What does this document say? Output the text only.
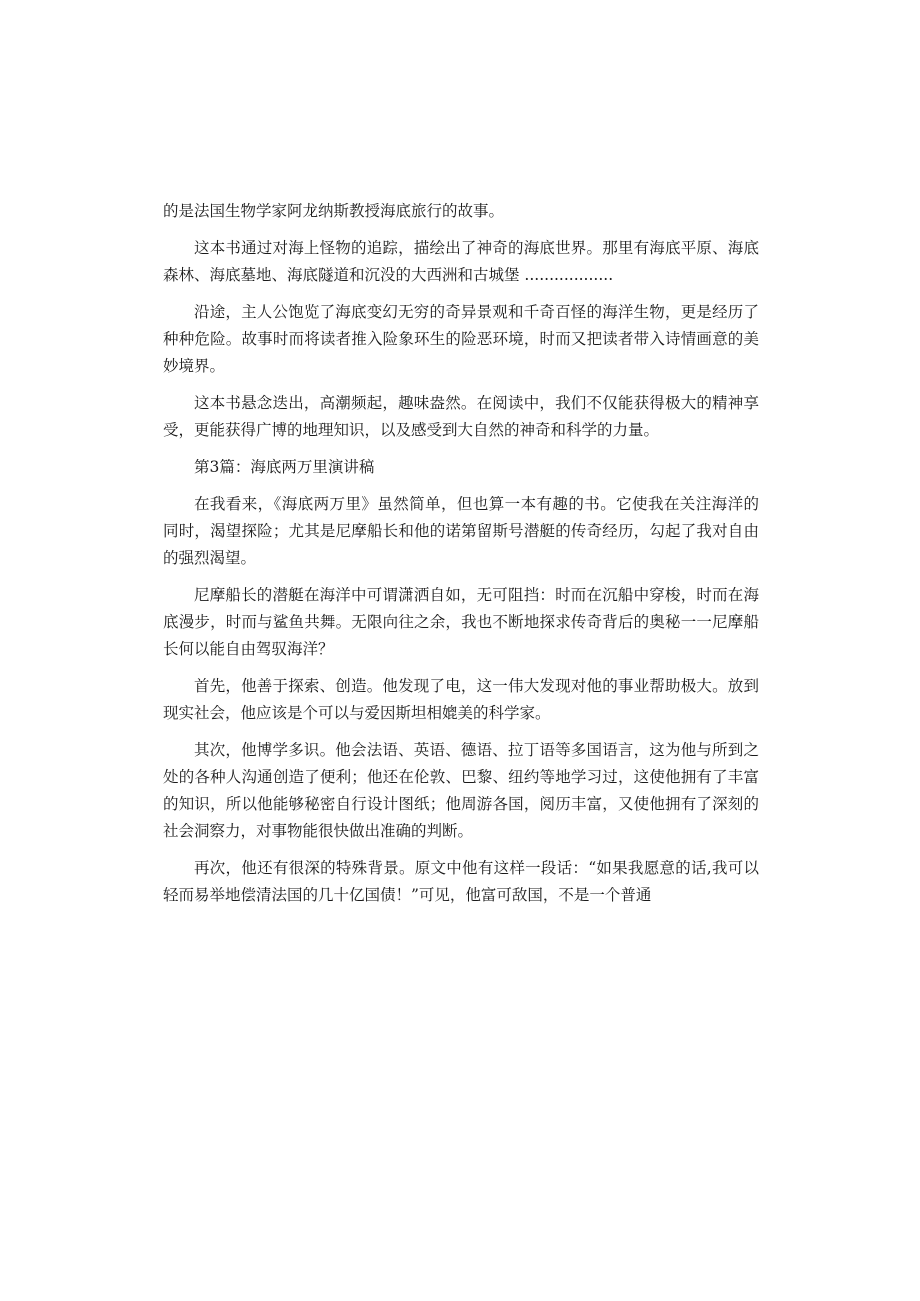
的是法国生物学家阿龙纳斯教授海底旅行的故事。
这本书通过对海上怪物的追踪，描绘出了神奇的海底世界。那里有海底平原、海底
森林、海底墓地、海底隧道和沉没的大西洲和古城堡 ..................
沿途，主人公饱览了海底变幻无穷的奇异景观和千奇百怪的海洋生物，更是经历了
种种危险。故事时而将读者推入险象环生的险恶环境，时而又把读者带入诗情画意的美
妙境界。
这本书悬念迭出，高潮频起，趣味盎然。在阅读中，我们不仅能获得极大的精神享
受，更能获得广博的地理知识，以及感受到大自然的神奇和科学的力量。
第3篇：海底两万里演讲稿
在我看来，《海底两万里》虽然简单，但也算一本有趣的书。它使我在关注海洋的
同时，渴望探险；尤其是尼摩船长和他的诺第留斯号潜艇的传奇经历，勾起了我对自由
的强烈渴望。
尼摩船长的潜艇在海洋中可谓潇洒自如，无可阻挡：时而在沉船中穿梭，时而在海
底漫步，时而与鲨鱼共舞。无限向往之余，我也不断地探求传奇背后的奥秘一一尼摩船
长何以能自由驾驭海洋？
首先，他善于探索、创造。他发现了电，这一伟大发现对他的事业帮助极大。放到
现实社会，他应该是个可以与爱因斯坦相媲美的科学家。
其次，他博学多识。他会法语、英语、德语、拉丁语等多国语言，这为他与所到之
处的各种人沟通创造了便利；他还在伦敦、巴黎、纽约等地学习过，这使他拥有了丰富
的知识，所以他能够秘密自行设计图纸；他周游各国，阅历丰富，又使他拥有了深刻的
社会洞察力，对事物能很快做出准确的判断。
再次，他还有很深的特殊背景。原文中他有这样一段话：“如果我愿意的话,我可以
轻而易举地偿清法国的几十亿国债！”可见，他富可敌国，不是一个普通
